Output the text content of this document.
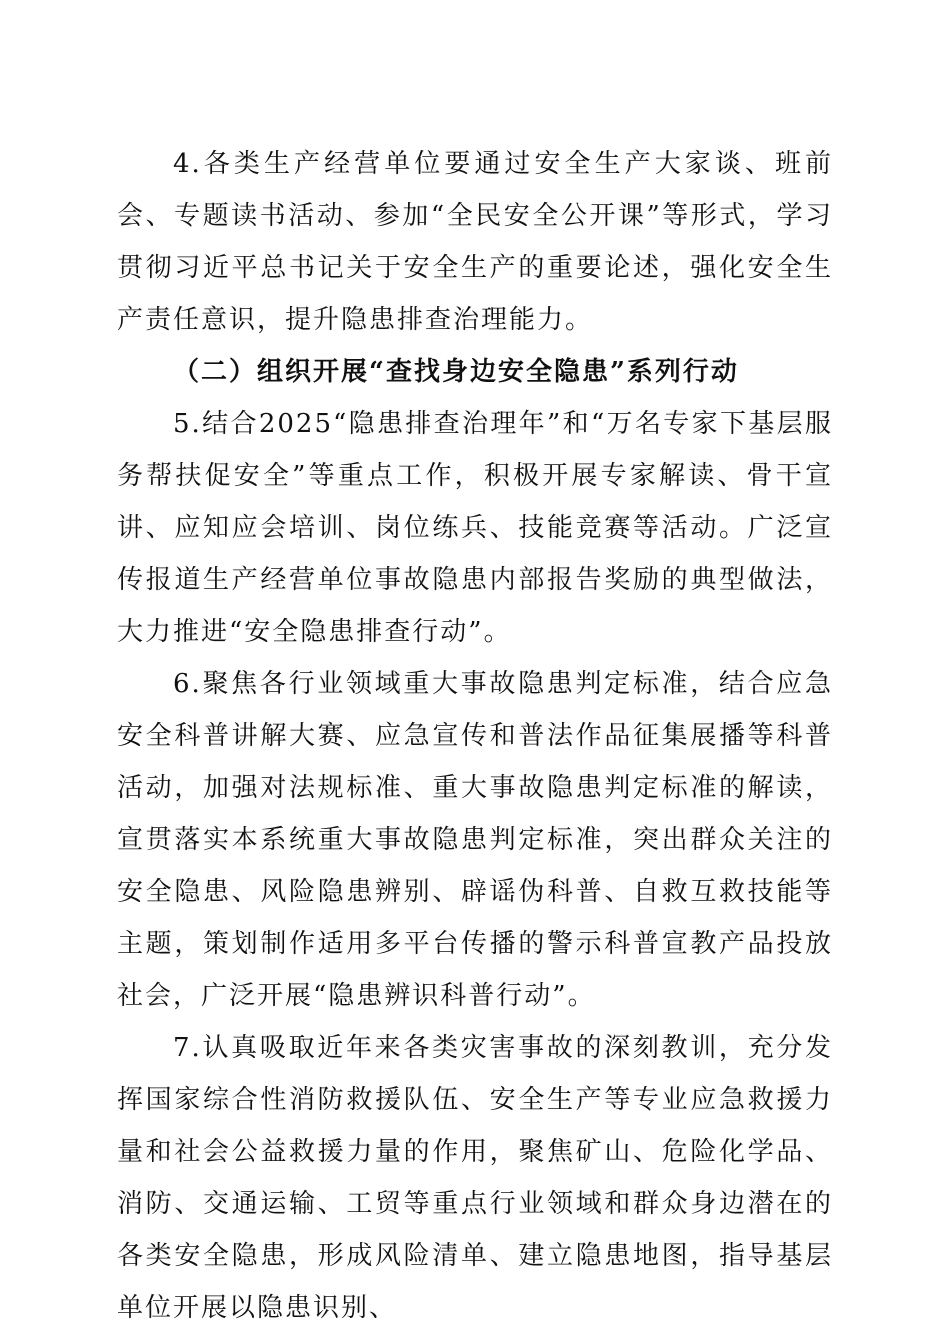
4.各类生产经营单位要通过安全生产大家谈、班前会、专题读书活动、参加“全民安全公开课”等形式，学习贯彻习近平总书记关于安全生产的重要论述，强化安全生产责任意识，提升隐患排查治理能力。

（二）组织开展“查找身边安全隐患”系列行动

5.结合2025“隐患排查治理年”和“万名专家下基层服务帮扶促安全”等重点工作，积极开展专家解读、骨干宣讲、应知应会培训、岗位练兵、技能竞赛等活动。广泛宣传报道生产经营单位事故隐患内部报告奖励的典型做法，大力推进“安全隐患排查行动”。

6.聚焦各行业领域重大事故隐患判定标准，结合应急安全科普讲解大赛、应急宣传和普法作品征集展播等科普活动，加强对法规标准、重大事故隐患判定标准的解读，宣贯落实本系统重大事故隐患判定标准，突出群众关注的安全隐患、风险隐患辨别、辟谣伪科普、自救互救技能等主题，策划制作适用多平台传播的警示科普宣教产品投放社会，广泛开展“隐患辨识科普行动”。

7.认真吸取近年来各类灾害事故的深刻教训，充分发挥国家综合性消防救援队伍、安全生产等专业应急救援力量和社会公益救援力量的作用，聚焦矿山、危险化学品、消防、交通运输、工贸等重点行业领域和群众身边潜在的各类安全隐患，形成风险清单、建立隐患地图，指导基层单位开展以隐患识别、
